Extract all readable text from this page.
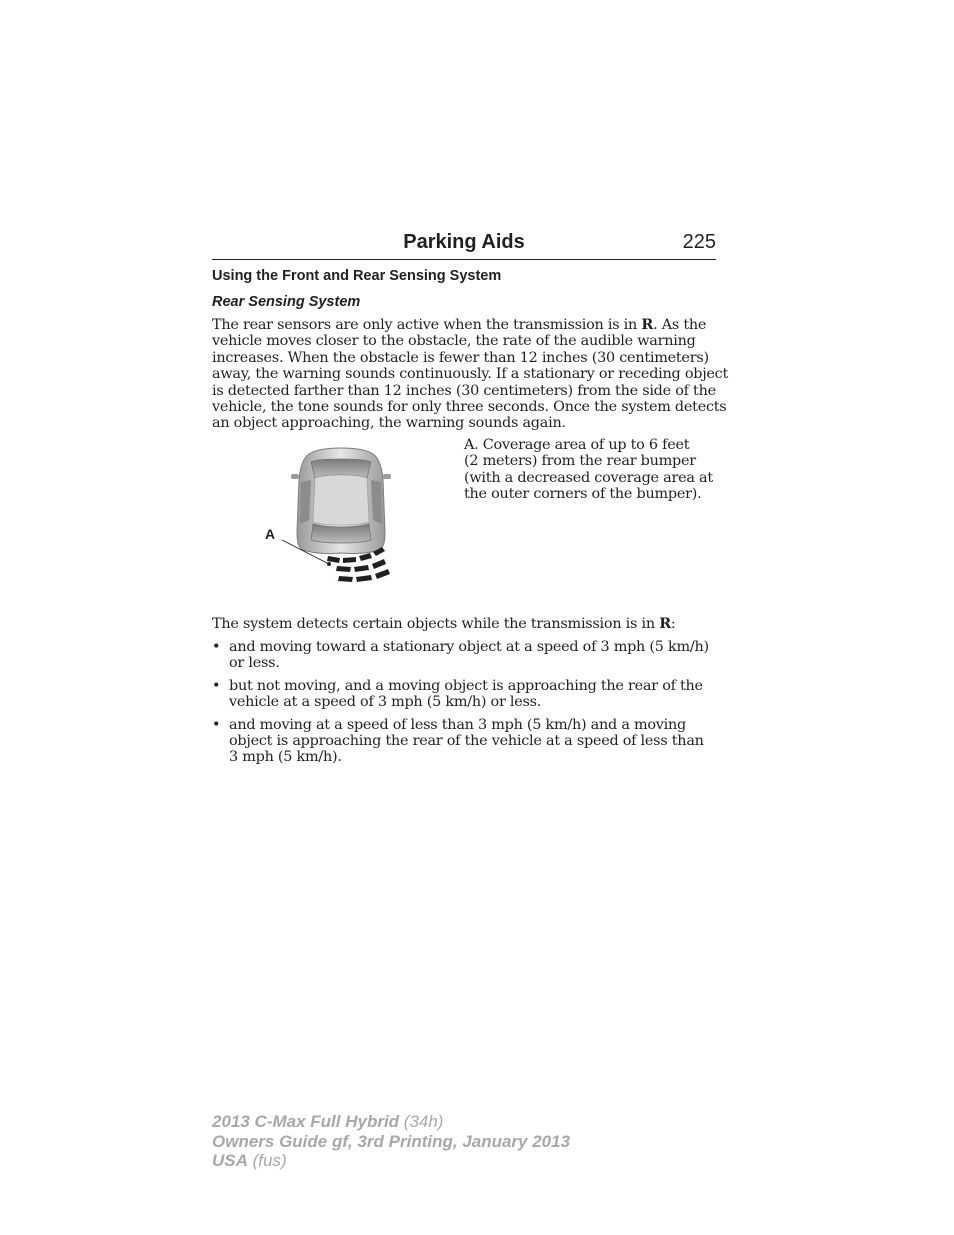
Parking Aids	225
Using the Front and Rear Sensing System
Rear Sensing System
The rear sensors are only active when the transmission is in R. As the
vehicle moves closer to the obstacle, the rate of the audible warning
increases. When the obstacle is fewer than 12 inches (30 centimeters)
away, the warning sounds continuously. If a stationary or receding object
is detected farther than 12 inches (30 centimeters) from the side of the
vehicle, the tone sounds for only three seconds. Once the system detects
an object approaching, the warning sounds again.
A
A. Coverage area of up to 6 feet
(2 meters) from the rear bumper
(with a decreased coverage area at
the outer corners of the bumper).
The system detects certain objects while the transmission is in R:
• and moving toward a stationary object at a speed of 3 mph (5 km/h)
or less.
• but not moving, and a moving object is approaching the rear of the
vehicle at a speed of 3 mph (5 km/h) or less.
• and moving at a speed of less than 3 mph (5 km/h) and a moving
object is approaching the rear of the vehicle at a speed of less than
3 mph (5 km/h).
2013 C-Max Full Hybrid (34h)
Owners Guide gf, 3rd Printing, January 2013
USA (fus)
